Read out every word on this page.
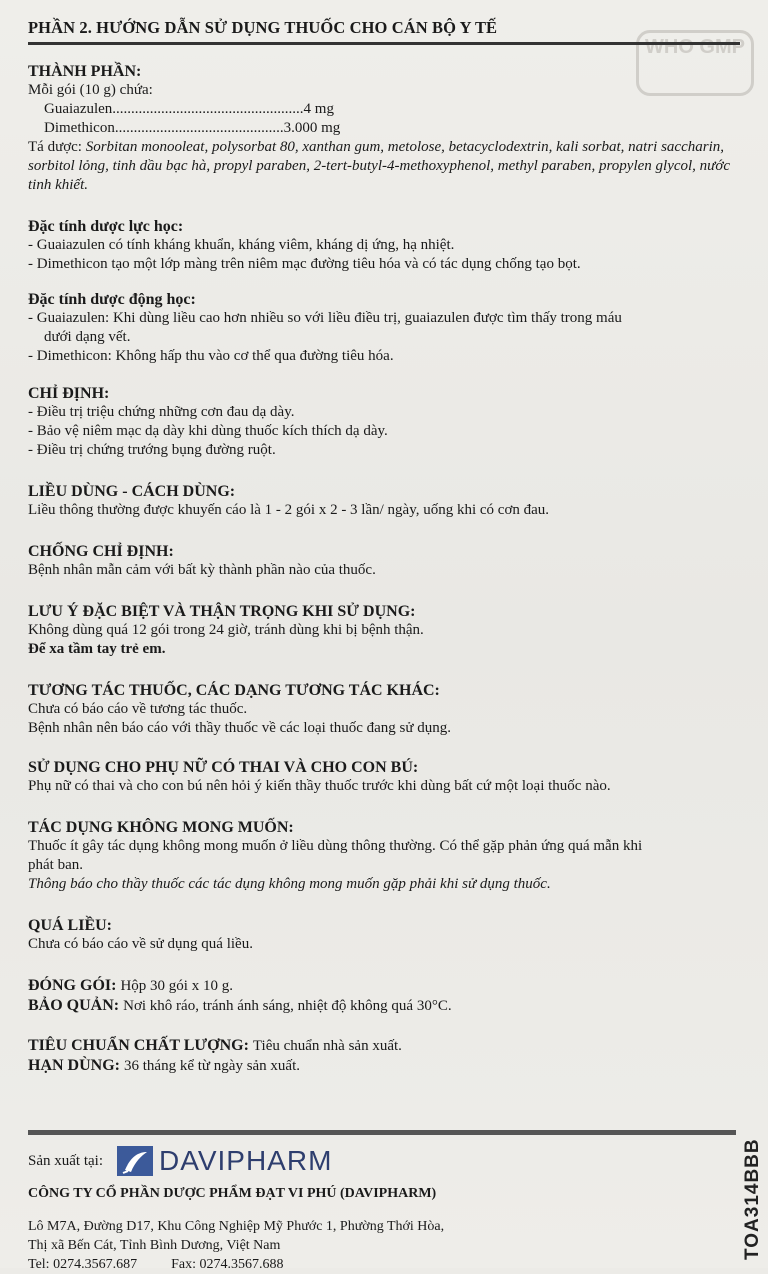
WHO GMP
PHẦN 2. HƯỚNG DẪN SỬ DỤNG THUỐC CHO CÁN BỘ Y TẾ

THÀNH PHẦN:

Mỗi gói (10 g) chứa:

Guaiazulen...................................................4 mg

Dimethicon.............................................3.000 mg

Tá dược: Sorbitan monooleat, polysorbat 80, xanthan gum, metolose, betacyclodextrin, kali sorbat, natri saccharin, sorbitol lỏng, tinh dầu bạc hà, propyl paraben, 2-tert-butyl-4-methoxyphenol, methyl paraben, propylen glycol, nước tinh khiết.

Đặc tính dược lực học:

- Guaiazulen có tính kháng khuẩn, kháng viêm, kháng dị ứng, hạ nhiệt.

- Dimethicon tạo một lớp màng trên niêm mạc đường tiêu hóa và có tác dụng chống tạo bọt.

Đặc tính dược động học:

- Guaiazulen: Khi dùng liều cao hơn nhiều so với liều điều trị, guaiazulen được tìm thấy trong máu

dưới dạng vết.

- Dimethicon: Không hấp thu vào cơ thể qua đường tiêu hóa.

CHỈ ĐỊNH:

- Điều trị triệu chứng những cơn đau dạ dày.

- Bảo vệ niêm mạc dạ dày khi dùng thuốc kích thích dạ dày.

- Điều trị chứng trướng bụng đường ruột.

LIỀU DÙNG - CÁCH DÙNG:

Liều thông thường được khuyến cáo là 1 - 2 gói x 2 - 3 lần/ ngày, uống khi có cơn đau.

CHỐNG CHỈ ĐỊNH:

Bệnh nhân mẫn cảm với bất kỳ thành phần nào của thuốc.

LƯU Ý ĐẶC BIỆT VÀ THẬN TRỌNG KHI SỬ DỤNG:

Không dùng quá 12 gói trong 24 giờ, tránh dùng khi bị bệnh thận.

Để xa tầm tay trẻ em.

TƯƠNG TÁC THUỐC, CÁC DẠNG TƯƠNG TÁC KHÁC:

Chưa có báo cáo về tương tác thuốc.

Bệnh nhân nên báo cáo với thầy thuốc về các loại thuốc đang sử dụng.

SỬ DỤNG CHO PHỤ NỮ CÓ THAI VÀ CHO CON BÚ:

Phụ nữ có thai và cho con bú nên hỏi ý kiến thầy thuốc trước khi dùng bất cứ một loại thuốc nào.

TÁC DỤNG KHÔNG MONG MUỐN:

Thuốc ít gây tác dụng không mong muốn ở liều dùng thông thường. Có thể gặp phản ứng quá mẫn khi

phát ban.

Thông báo cho thầy thuốc các tác dụng không mong muốn gặp phải khi sử dụng thuốc.

QUÁ LIỀU:

Chưa có báo cáo về sử dụng quá liều.

ĐÓNG GÓI: Hộp 30 gói x 10 g.

BẢO QUẢN: Nơi khô ráo, tránh ánh sáng, nhiệt độ không quá 30°C.

TIÊU CHUẨN CHẤT LƯỢNG: Tiêu chuẩn nhà sản xuất.

HẠN DÙNG: 36 tháng kể từ ngày sản xuất.

Sản xuất tại: DAVIPHARM

CÔNG TY CỔ PHẦN DƯỢC PHẨM ĐẠT VI PHÚ (DAVIPHARM)

Lô M7A, Đường D17, Khu Công Nghiệp Mỹ Phước 1, Phường Thới Hòa,

Thị xã Bến Cát, Tỉnh Bình Dương, Việt Nam

Tel: 0274.3567.687 Fax: 0274.3567.688
TOA314BBB
